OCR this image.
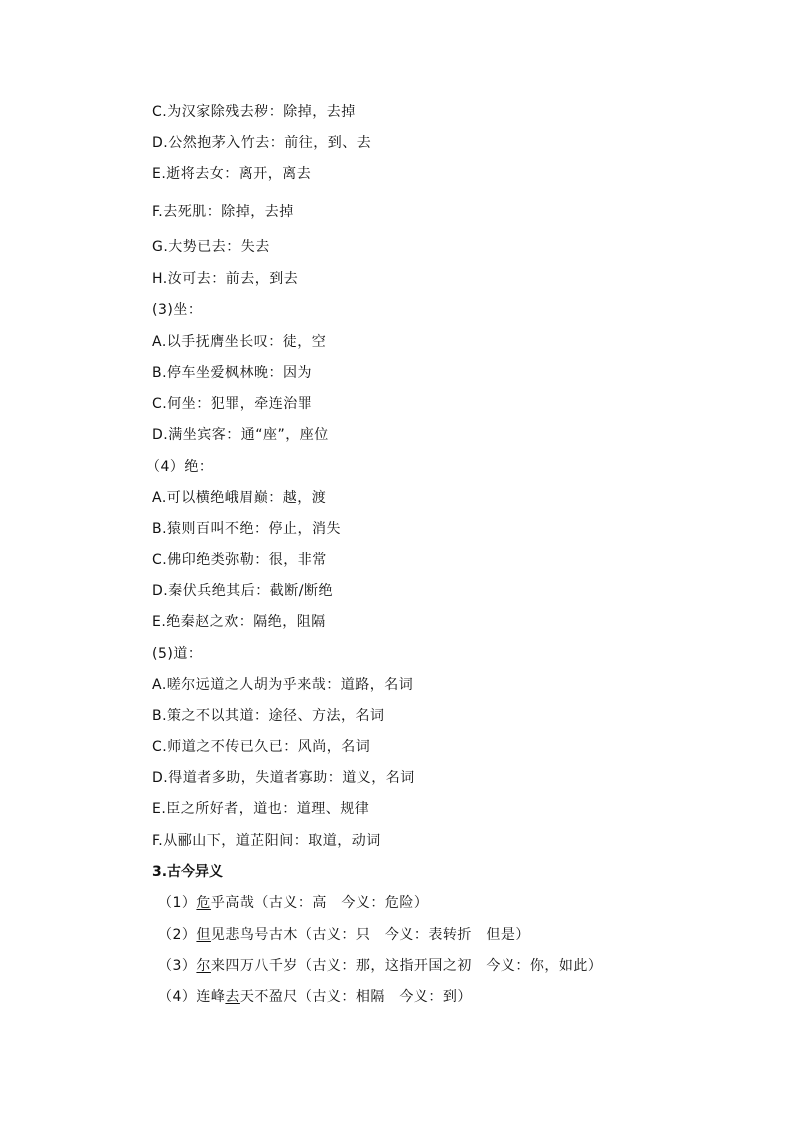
C.为汉家除残去秽：除掉，去掉
D.公然抱茅入竹去：前往，到、去
E.逝将去女：离开，离去
F.去死肌：除掉，去掉
G.大势已去：失去
H.汝可去：前去，到去
(3)坐：
A.以手抚膺坐长叹：徒，空
B.停车坐爱枫林晚：因为
C.何坐：犯罪，牵连治罪
D.满坐宾客：通“座”，座位
（4）绝：
A.可以横绝峨眉巅：越，渡
B.猿则百叫不绝：停止，消失
C.佛印绝类弥勒：很，非常
D.秦伏兵绝其后：截断/断绝
E.绝秦赵之欢：隔绝，阻隔
(5)道：
A.嗟尔远道之人胡为乎来哉：道路，名词
B.策之不以其道：途径、方法，名词
C.师道之不传已久已：风尚，名词
D.得道者多助，失道者寡助：道义，名词
E.臣之所好者，道也：道理、规律
F.从郦山下，道芷阳间：取道，动词
3.古今异义
（1）危乎高哉（古义：高　今义：危险）
（2）但见悲鸟号古木（古义：只　今义：表转折　但是）
（3）尔来四万八千岁（古义：那，这指开国之初　今义：你，如此）
（4）连峰去天不盈尺（古义：相隔　今义：到）
